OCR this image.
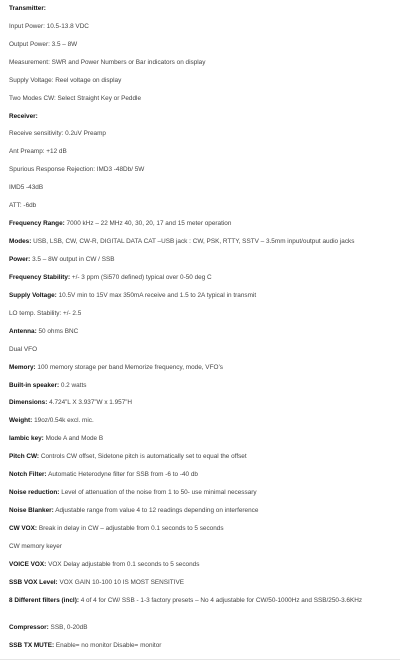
Transmitter:
Input Power: 10.5-13.8 VDC
Output Power: 3.5 – 8W
Measurement: SWR and Power Numbers or Bar indicators on display
Supply Voltage: Reel voltage on display
Two Modes CW: Select Straight Key or Peddle
Receiver:
Receive sensitivity: 0.2uV Preamp
Ant Preamp: +12 dB
Spurious Response Rejection: IMD3 -48Db/ 5W
IMD5 -43dB
ATT: -6db
Frequency Range: 7000 kHz – 22 MHz 40, 30, 20, 17 and 15 meter operation
Modes: USB, LSB, CW, CW-R, DIGITAL DATA CAT –USB jack : CW, PSK, RTTY, SSTV – 3.5mm input/output audio jacks
Power: 3.5 – 8W output in CW / SSB
Frequency Stability: +/- 3 ppm (Si570 defined) typical over 0-50 deg C
Supply Voltage: 10.5V min to 15V max 350mA receive and 1.5 to 2A typical in transmit
LO temp. Stability: +/- 2.5
Antenna: 50 ohms BNC
Dual VFO
Memory: 100 memory storage per band Memorize frequency, mode, VFO’s
Built-in speaker: 0.2 watts
Dimensions: 4.724”L X 3.937”W x 1.957”H
Weight: 19oz/0.54k excl. mic.
Iambic key: Mode A and Mode B
Pitch CW: Controls CW offset, Sidetone pitch is automatically set to equal the offset
Notch Filter: Automatic Heterodyne filter for SSB from -6 to -40 db
Noise reduction: Level of attenuation of the noise from 1 to 50- use minimal necessary
Noise Blanker: Adjustable range from value 4 to 12 readings depending on interference
CW VOX: Break in delay in CW – adjustable from 0.1 seconds to 5 seconds
CW memory keyer
VOICE VOX: VOX Delay adjustable from 0.1 seconds to 5 seconds
SSB VOX Level: VOX GAIN 10-100 10 IS MOST SENSITIVE
8 Different filters (incl): 4 of 4 for CW/ SSB - 1-3 factory presets – No 4 adjustable for CW/50-1000Hz and SSB/250-3.6KHz
Compressor: SSB, 0-20dB
SSB TX MUTE: Enable= no monitor Disable= monitor
